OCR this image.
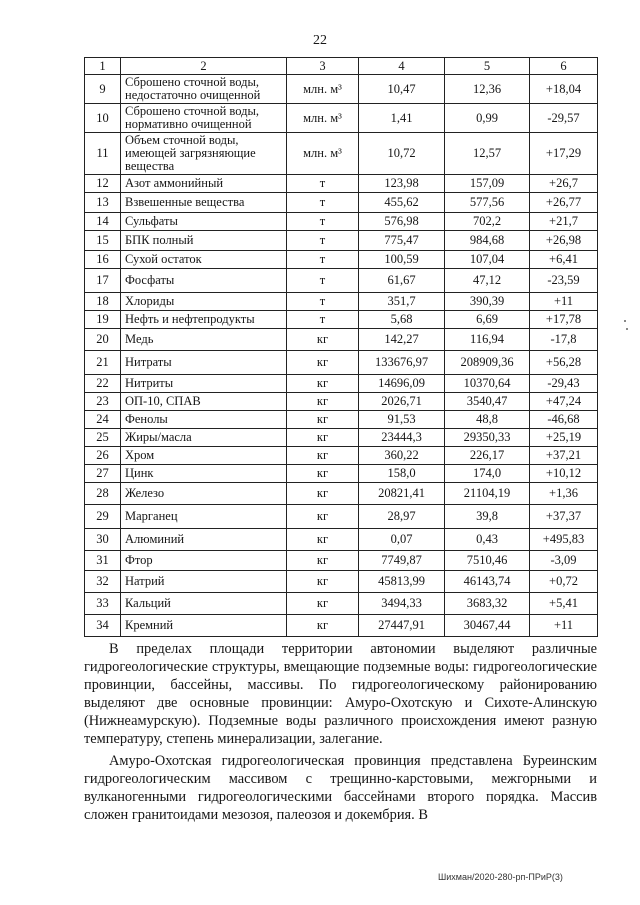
22
1	2	3	4	5	6
9	Сброшено сточной воды, недостаточно очищенной	млн. м³	10,47	12,36	+18,04
10	Сброшено сточной воды, нормативно очищенной	млн. м³	1,41	0,99	-29,57
11	Объем сточной воды, имеющей загрязняющие вещества	млн. м³	10,72	12,57	+17,29
12	Азот аммонийный	т	123,98	157,09	+26,7
13	Взвешенные вещества	т	455,62	577,56	+26,77
14	Сульфаты	т	576,98	702,2	+21,7
15	БПК полный	т	775,47	984,68	+26,98
16	Сухой остаток	т	100,59	107,04	+6,41
17	Фосфаты	т	61,67	47,12	-23,59
18	Хлориды	т	351,7	390,39	+11
19	Нефть и нефтепродукты	т	5,68	6,69	+17,78
20	Медь	кг	142,27	116,94	-17,8
21	Нитраты	кг	133676,97	208909,36	+56,28
22	Нитриты	кг	14696,09	10370,64	-29,43
23	ОП-10, СПАВ	кг	2026,71	3540,47	+47,24
24	Фенолы	кг	91,53	48,8	-46,68
25	Жиры/масла	кг	23444,3	29350,33	+25,19
26	Хром	кг	360,22	226,17	+37,21
27	Цинк	кг	158,0	174,0	+10,12
28	Железо	кг	20821,41	21104,19	+1,36
29	Марганец	кг	28,97	39,8	+37,37
30	Алюминий	кг	0,07	0,43	+495,83
31	Фтор	кг	7749,87	7510,46	-3,09
32	Натрий	кг	45813,99	46143,74	+0,72
33	Кальций	кг	3494,33	3683,32	+5,41
34	Кремний	кг	27447,91	30467,44	+11

В пределах площади территории автономии выделяют различные гидрогеологические структуры, вмещающие подземные воды: гидрогеологические провинции, бассейны, массивы. По гидрогеологическому районированию выделяют две основные провинции: Амуро-Охотскую и Сихоте-Алинскую (Нижнеамурскую). Подземные воды различного происхождения имеют разную температуру, степень минерализации, залегание.

Амуро-Охотская гидрогеологическая провинция представлена Буреинским гидрогеологическим массивом с трещинно-карстовыми, межгорными и вулканогенными гидрогеологическими бассейнами второго порядка. Массив сложен гранитоидами мезозоя, палеозоя и докембрия. В

Шихман/2020-280-рп-ПРиР(3)
